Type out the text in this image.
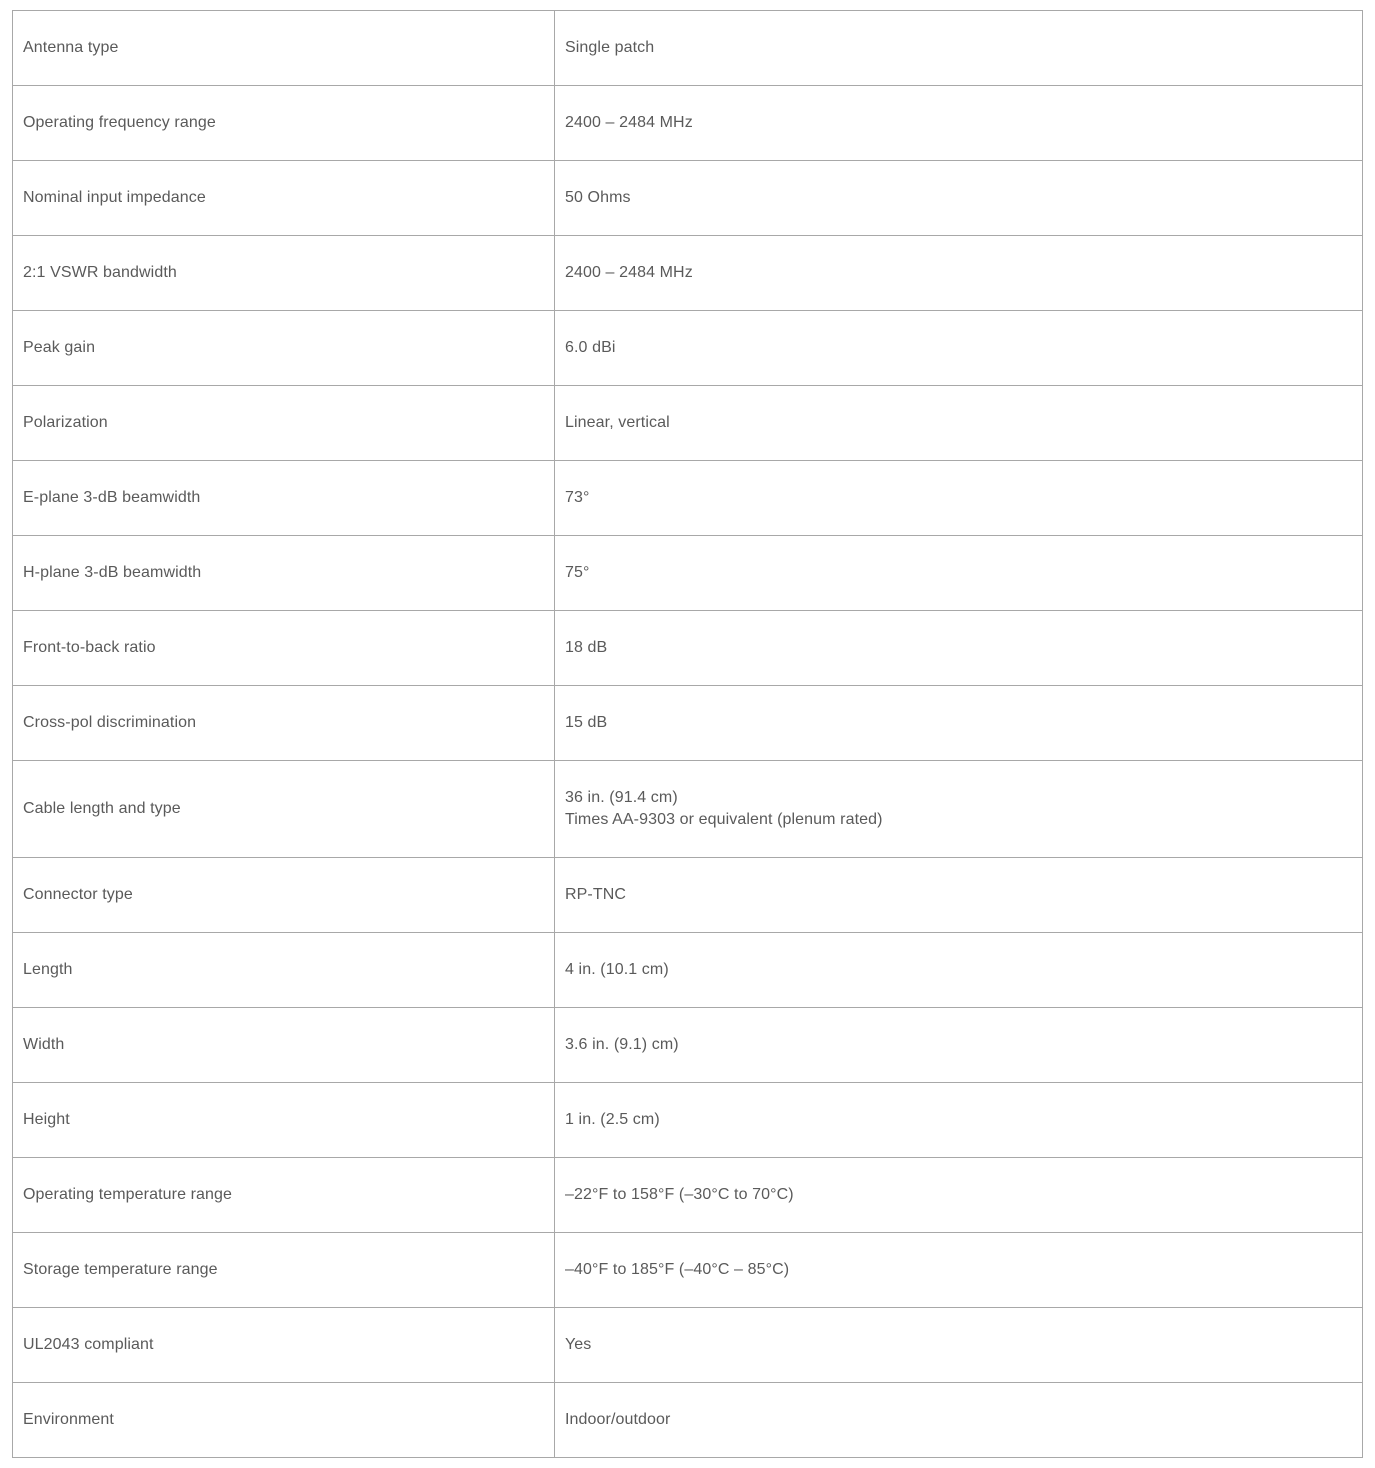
Antenna type	Single patch

Operating frequency range	2400 – 2484 MHz

Nominal input impedance	50 Ohms

2:1 VSWR bandwidth	2400 – 2484 MHz

Peak gain	6.0 dBi

Polarization	Linear, vertical

E-plane 3-dB beamwidth	73°

H-plane 3-dB beamwidth	75°

Front-to-back ratio	18 dB

Cross-pol discrimination	15 dB

Cable length and type	36 in. (91.4 cm)
Times AA-9303 or equivalent (plenum rated)

Connector type	RP-TNC

Length	4 in. (10.1 cm)

Width	3.6 in. (9.1) cm)

Height	1 in. (2.5 cm)

Operating temperature range	–22°F to 158°F (–30°C to 70°C)

Storage temperature range	–40°F to 185°F (–40°C – 85°C)

UL2043 compliant	Yes

Environment	Indoor/outdoor
